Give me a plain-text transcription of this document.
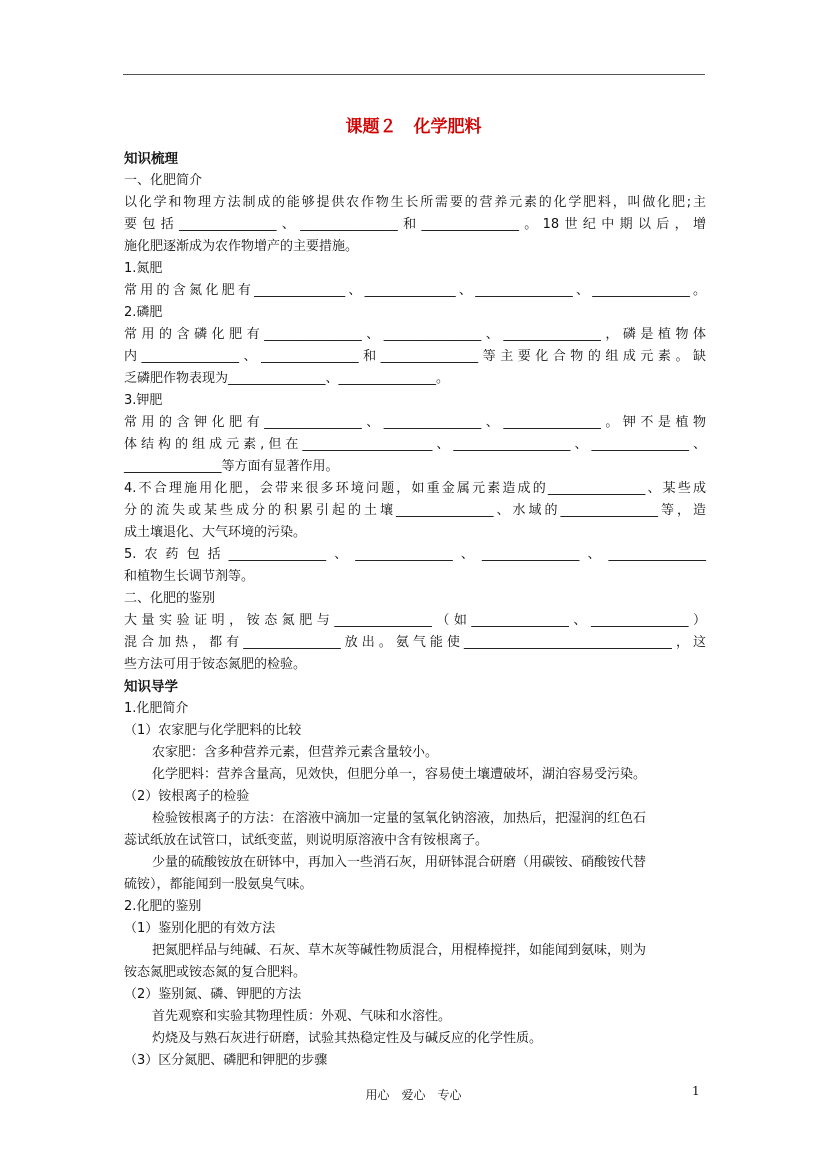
课题２　化学肥料
知识梳理
一、化肥简介
以化学和物理方法制成的能够提供农作物生长所需要的营养元素的化学肥料，叫做化肥;主
要包括_______________、_______________和_______________。18世纪中期以后，增
施化肥逐渐成为农作物增产的主要措施。
1.氮肥
常用的含氮化肥有______________、______________、_______________、_______________。
2.磷肥
常用的含磷化肥有_______________、_______________、_______________，磷是植物体
内_______________、_______________和_______________等主要化合物的组成元素。缺
乏磷肥作物表现为_______________、_______________。
3.钾肥
常用的含钾化肥有_______________、_______________、_______________。钾不是植物
体结构的组成元素,但在____________________、__________________、_______________、
_______________等方面有显著作用。
4.不合理施用化肥，会带来很多环境问题，如重金属元素造成的_______________、某些成
分的流失或某些成分的积累引起的土壤_______________、水域的_______________等，造
成土壤退化、大气环境的污染。
5.农药包括_______________、_______________、_______________、_______________
和植物生长调节剂等。
二、化肥的鉴别
大量实验证明，铵态氮肥与_______________（如_______________、_______________）
混合加热，都有_______________放出。氨气能使________________________________，这
些方法可用于铵态氮肥的检验。
知识导学
1.化肥简介
（1）农家肥与化学肥料的比较
农家肥：含多种营养元素，但营养元素含量较小。
化学肥料：营养含量高，见效快，但肥分单一，容易使土壤遭破坏，湖泊容易受污染。
（2）铵根离子的检验
检验铵根离子的方法：在溶液中滴加一定量的氢氧化钠溶液，加热后，把湿润的红色石
蕊试纸放在试管口，试纸变蓝，则说明原溶液中含有铵根离子。
少量的硫酸铵放在研钵中，再加入一些消石灰，用研钵混合研磨（用碳铵、硝酸铵代替
硫铵），都能闻到一股氨臭气味。
2.化肥的鉴别
（1）鉴别化肥的有效方法
把氮肥样品与纯碱、石灰、草木灰等碱性物质混合，用棍棒搅拌，如能闻到氨味，则为
铵态氮肥或铵态氮的复合肥料。
（2）鉴别氮、磷、钾肥的方法
首先观察和实验其物理性质：外观、气味和水溶性。
灼烧及与熟石灰进行研磨，试验其热稳定性及与碱反应的化学性质。
（3）区分氮肥、磷肥和钾肥的步骤
用心　爱心　专心	1
